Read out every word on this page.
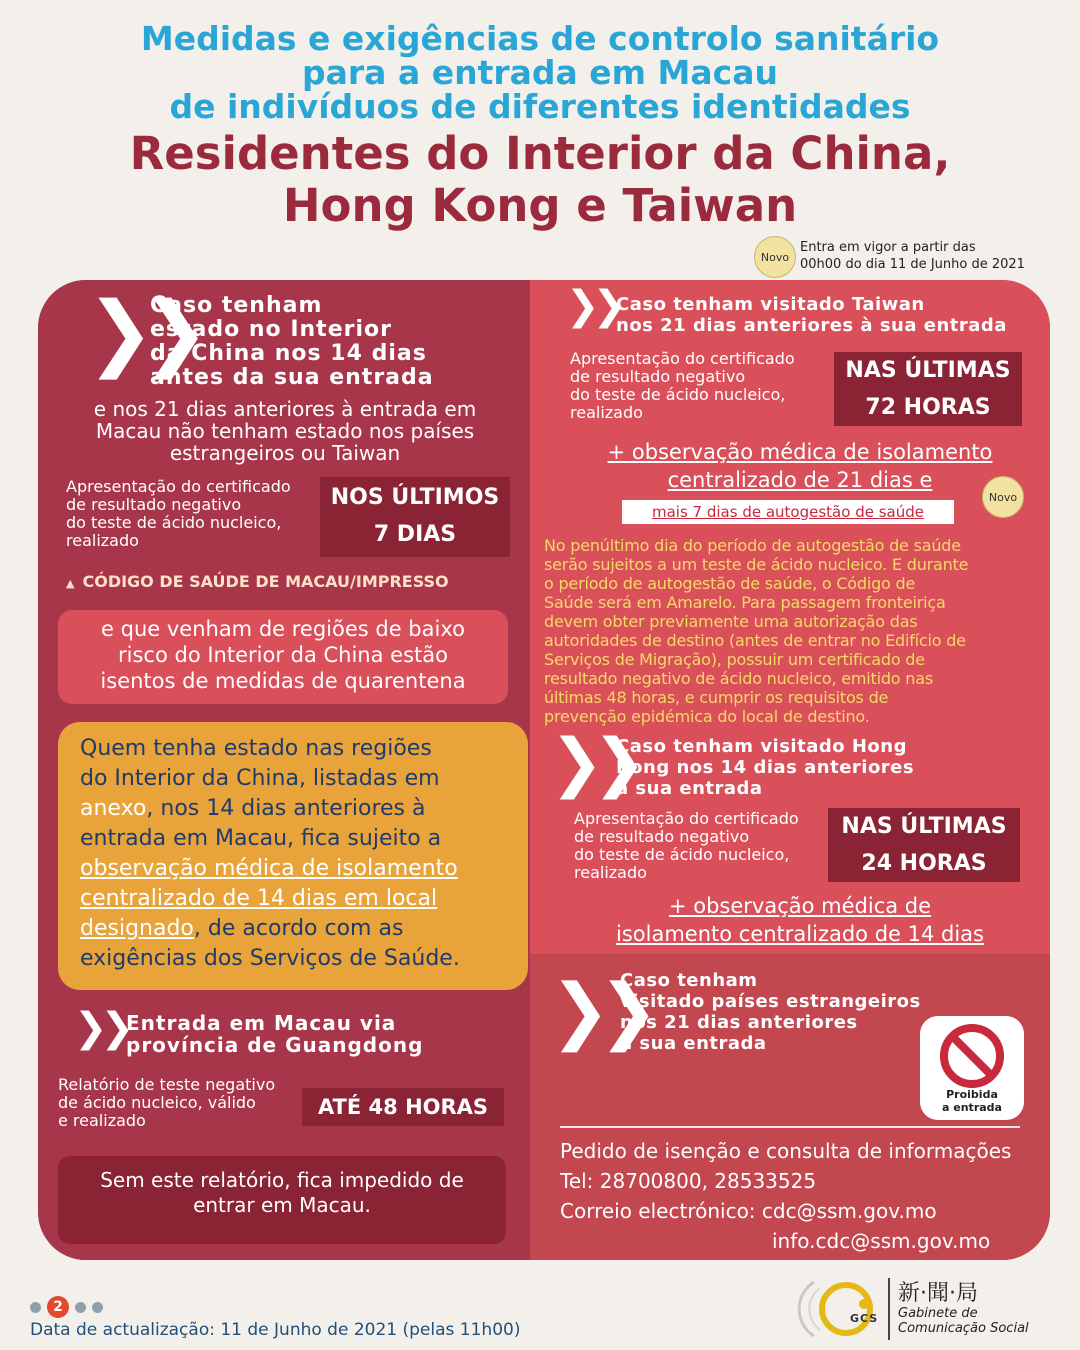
Medidas e exigências de controlo sanitário
para a entrada em Macau
de indivíduos de diferentes identidades
Residentes do Interior da China,
Hong Kong e Taiwan
Novo
Entra em vigor a partir das
00h00 do dia 11 de Junho de 2021
❯❯
Caso tenham
estado no Interior
da China nos 14 dias
antes da sua entrada
e nos 21 dias anteriores à entrada em
Macau não tenham estado nos países
estrangeiros ou Taiwan
Apresentação do certificado
de resultado negativo
do teste de ácido nucleico,
realizado
NOS ÚLTIMOS
7 DIAS
▲ CÓDIGO DE SAÚDE DE MACAU/IMPRESSO
e que venham de regiões de baixo
risco do Interior da China estão
isentos de medidas de quarentena
Quem tenha estado nas regiões
do Interior da China, listadas em
anexo, nos 14 dias anteriores à
entrada em Macau, fica sujeito a
observação médica de isolamento
centralizado de 14 dias em local
designado, de acordo com as
exigências dos Serviços de Saúde.
❯❯
Entrada em Macau via
província de Guangdong
Relatório de teste negativo
de ácido nucleico, válido
e realizado
ATÉ 48 HORAS
Sem este relatório, fica impedido de
entrar em Macau.
❯❯
Caso tenham visitado Taiwan
nos 21 dias anteriores à sua entrada
Apresentação do certificado
de resultado negativo
do teste de ácido nucleico,
realizado
NAS ÚLTIMAS
72 HORAS
+ observação médica de isolamento
centralizado de 21 dias e
mais 7 dias de autogestão de saúde
Novo
No penúltimo dia do período de autogestão de saúde
serão sujeitos a um teste de ácido nucleico. E durante
o período de autogestão de saúde, o Código de
Saúde será em Amarelo. Para passagem fronteiriça
devem obter previamente uma autorização das
autoridades de destino (antes de entrar no Edifício de
Serviços de Migração), possuir um certificado de
resultado negativo de ácido nucleico, emitido nas
últimas 48 horas, e cumprir os requisitos de
prevenção epidémica do local de destino.
❯❯
Caso tenham visitado Hong
Kong nos 14 dias anteriores
à sua entrada
Apresentação do certificado
de resultado negativo
do teste de ácido nucleico,
realizado
NAS ÚLTIMAS
24 HORAS
+ observação médica de
isolamento centralizado de 14 dias
❯❯
Caso tenham
visitado países estrangeiros
nos 21 dias anteriores
à sua entrada
Proibida
a entrada
Pedido de isenção e consulta de informações
Tel: 28700800, 28533525
Correio electrónico: cdc@ssm.gov.mo
info.cdc@ssm.gov.mo
2
Data de actualização: 11 de Junho de 2021 (pelas 11h00)
GCS
新·聞·局
Gabinete de
Comunicação Social
